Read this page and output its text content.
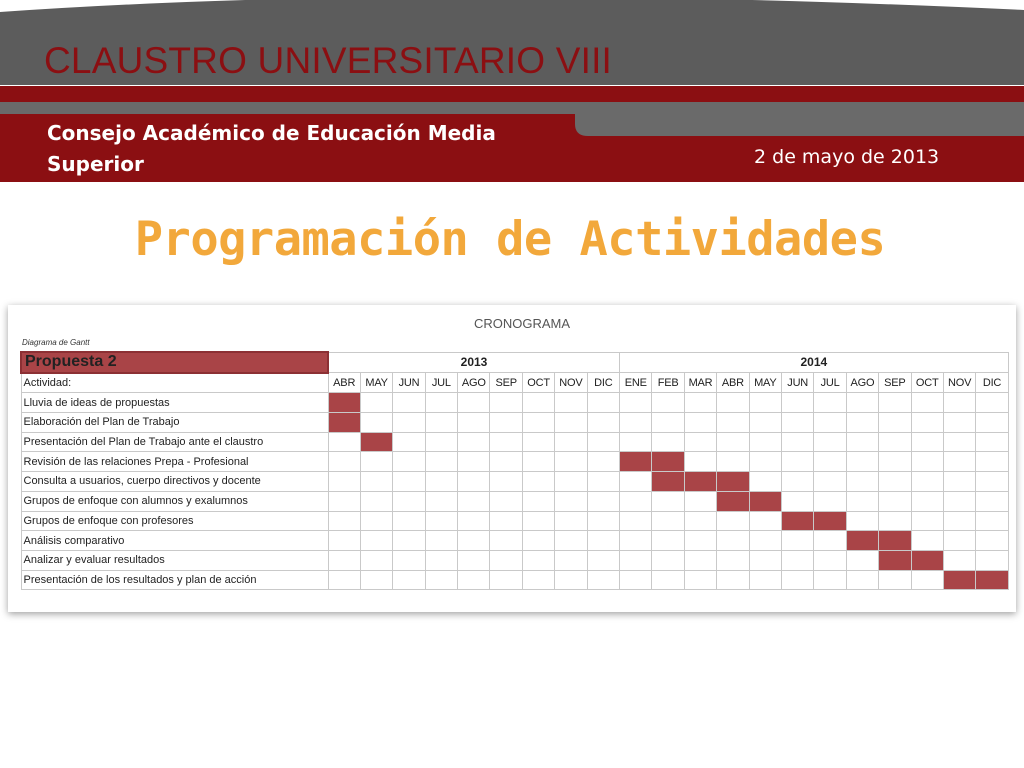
CLAUSTRO UNIVERSITARIO VIII
Consejo Académico de Educación Media Superior	2 de mayo de 2013
Programación de Actividades
CRONOGRAMA
Diagrama de Gantt
Propuesta 2	2013									2014											
Actividad:	ABR	MAY	JUN	JUL	AGO	SEP	OCT	NOV	DIC	ENE	FEB	MAR	ABR	MAY	JUN	JUL	AGO	SEP	OCT	NOV	DIC
Lluvia de ideas de propuestas																					
Elaboración del Plan de Trabajo																					
Presentación del Plan de Trabajo ante el claustro																					
Revisión de las relaciones Prepa - Profesional																					
Consulta a usuarios, cuerpo directivos y docente																					
Grupos de enfoque con alumnos y exalumnos																					
Grupos de enfoque con profesores																					
Análisis comparativo																					
Analizar y evaluar resultados																					
Presentación de los resultados y plan de acción																					
